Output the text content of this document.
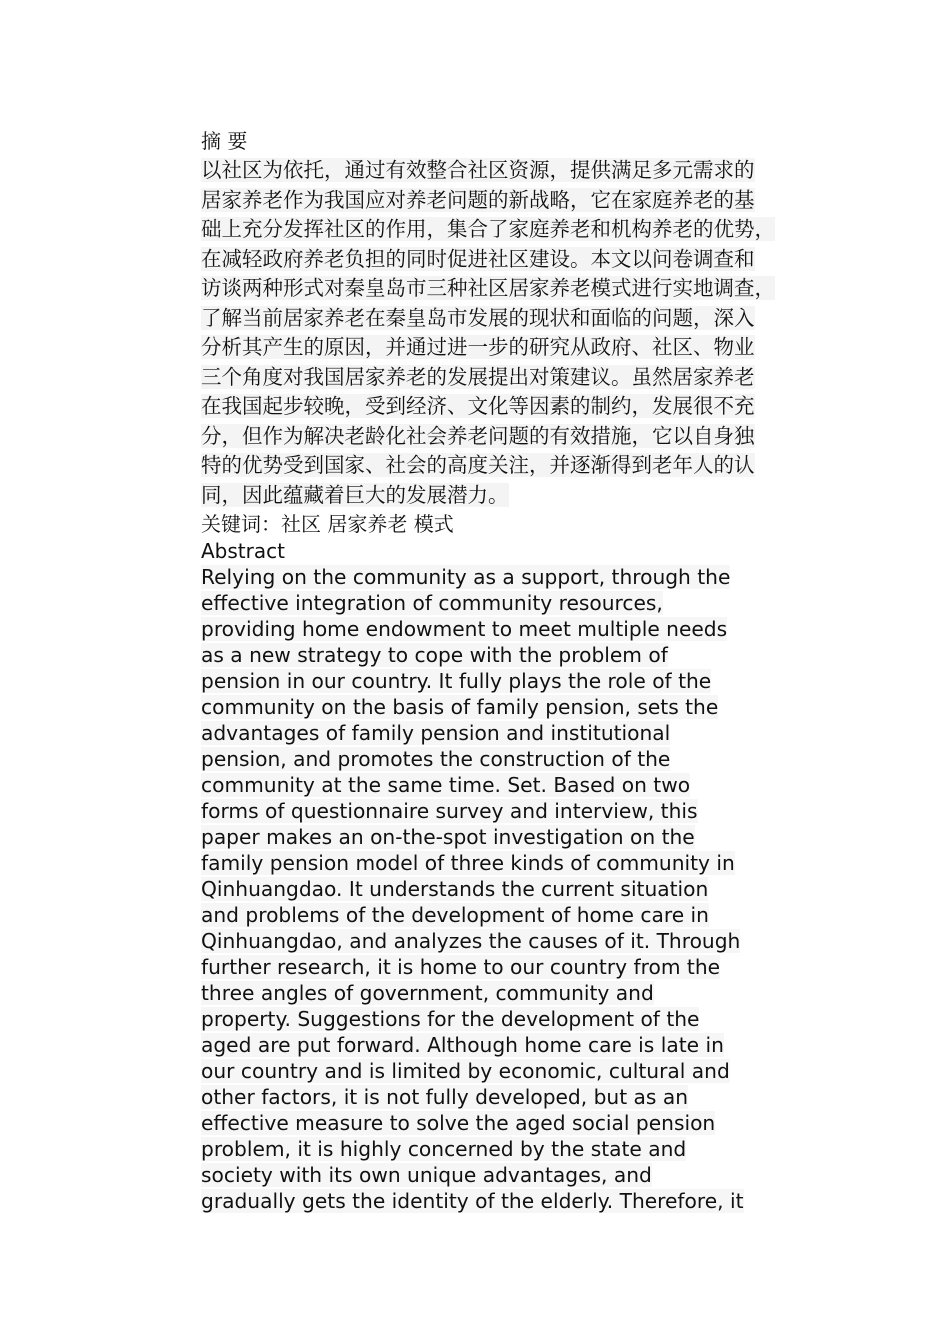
摘 要

以社区为依托，通过有效整合社区资源，提供满足多元需求的
居家养老作为我国应对养老问题的新战略，它在家庭养老的基
础上充分发挥社区的作用，集合了家庭养老和机构养老的优势，
在减轻政府养老负担的同时促进社区建设。本文以问卷调查和
访谈两种形式对秦皇岛市三种社区居家养老模式进行实地调查，
了解当前居家养老在秦皇岛市发展的现状和面临的问题，深入
分析其产生的原因，并通过进一步的研究从政府、社区、物业
三个角度对我国居家养老的发展提出对策建议。虽然居家养老
在我国起步较晚，受到经济、文化等因素的制约，发展很不充
分，但作为解决老龄化社会养老问题的有效措施，它以自身独
特的优势受到国家、社会的高度关注，并逐渐得到老年人的认
同，因此蕴藏着巨大的发展潜力。

关键词：社区 居家养老 模式

Abstract

Relying on the community as a support, through the
effective integration of community resources,
providing home endowment to meet multiple needs
as a new strategy to cope with the problem of
pension in our country. It fully plays the role of the
community on the basis of family pension, sets the
advantages of family pension and institutional
pension, and promotes the construction of the
community at the same time. Set. Based on two
forms of questionnaire survey and interview, this
paper makes an on-the-spot investigation on the
family pension model of three kinds of community in
Qinhuangdao. It understands the current situation
and problems of the development of home care in
Qinhuangdao, and analyzes the causes of it. Through
further research, it is home to our country from the
three angles of government, community and
property. Suggestions for the development of the
aged are put forward. Although home care is late in
our country and is limited by economic, cultural and
other factors, it is not fully developed, but as an
effective measure to solve the aged social pension
problem, it is highly concerned by the state and
society with its own unique advantages, and
gradually gets the identity of the elderly. Therefore, it
